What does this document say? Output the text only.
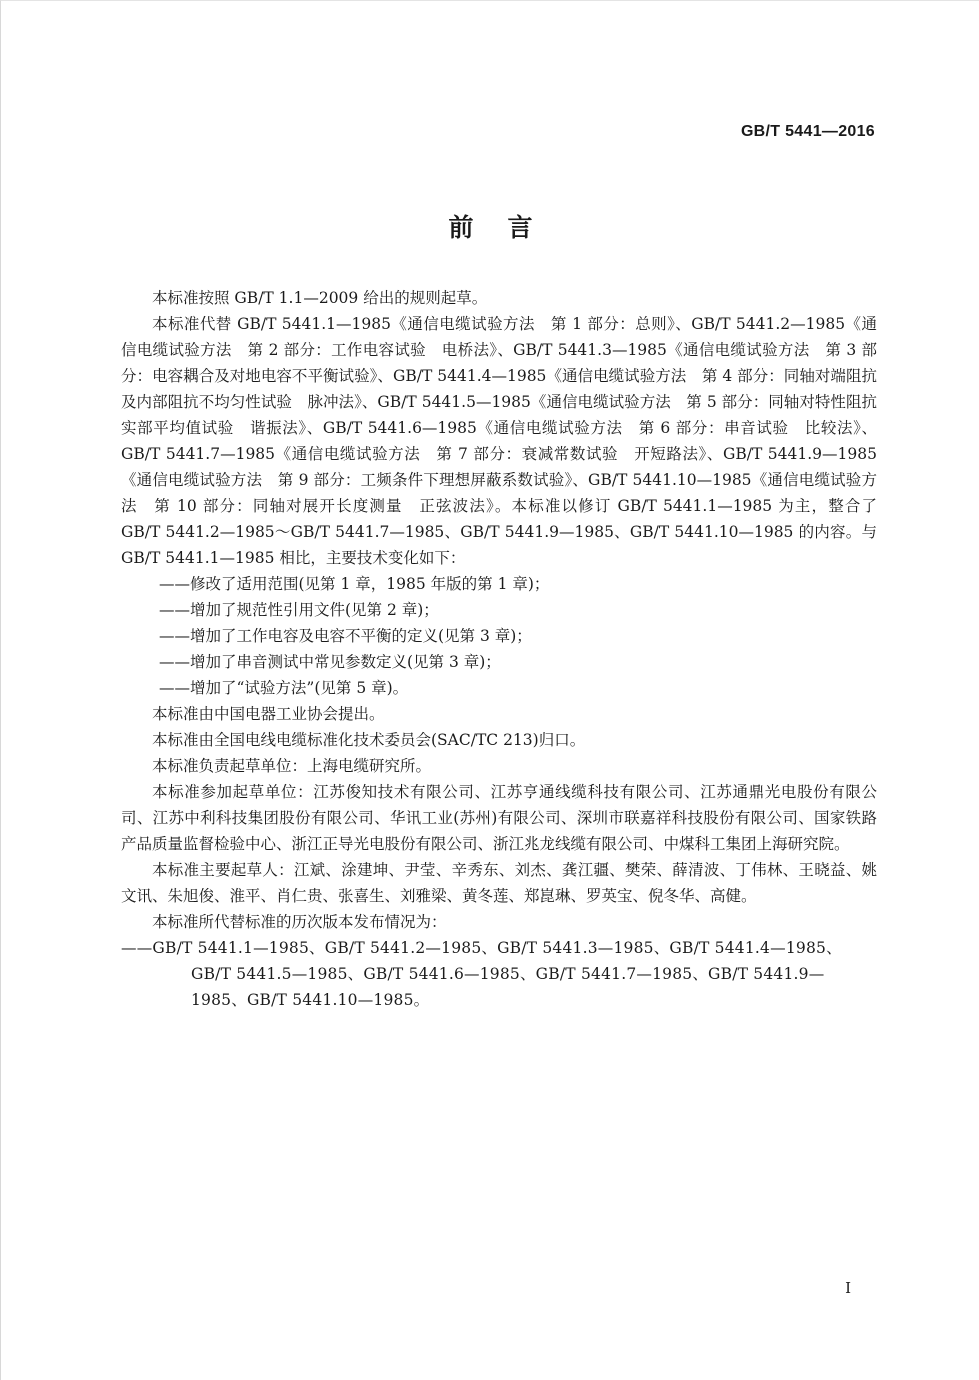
GB/T 5441—2016
前言

本标准按照 GB/T 1.1—2009 给出的规则起草。

本标准代替 GB/T 5441.1—1985《通信电缆试验方法　第 1 部分：总则》、GB/T 5441.2—1985《通信电缆试验方法　第 2 部分：工作电容试验　电桥法》、GB/T 5441.3—1985《通信电缆试验方法　第 3 部分：电容耦合及对地电容不平衡试验》、GB/T 5441.4—1985《通信电缆试验方法　第 4 部分：同轴对端阻抗及内部阻抗不均匀性试验　脉冲法》、GB/T 5441.5—1985《通信电缆试验方法　第 5 部分：同轴对特性阻抗实部平均值试验　谐振法》、GB/T 5441.6—1985《通信电缆试验方法　第 6 部分：串音试验　比较法》、GB/T 5441.7—1985《通信电缆试验方法　第 7 部分：衰减常数试验　开短路法》、GB/T 5441.9—1985《通信电缆试验方法　第 9 部分：工频条件下理想屏蔽系数试验》、GB/T 5441.10—1985《通信电缆试验方法　第 10 部分：同轴对展开长度测量　正弦波法》。本标准以修订 GB/T 5441.1—1985 为主，整合了 GB/T 5441.2—1985～GB/T 5441.7—1985、GB/T 5441.9—1985、GB/T 5441.10—1985 的内容。与 GB/T 5441.1—1985 相比，主要技术变化如下：

——修改了适用范围(见第 1 章，1985 年版的第 1 章)；

——增加了规范性引用文件(见第 2 章)；

——增加了工作电容及电容不平衡的定义(见第 3 章)；

——增加了串音测试中常见参数定义(见第 3 章)；

——增加了“试验方法”(见第 5 章)。

本标准由中国电器工业协会提出。

本标准由全国电线电缆标准化技术委员会(SAC/TC 213)归口。

本标准负责起草单位：上海电缆研究所。

本标准参加起草单位：江苏俊知技术有限公司、江苏亨通线缆科技有限公司、江苏通鼎光电股份有限公司、江苏中利科技集团股份有限公司、华讯工业(苏州)有限公司、深圳市联嘉祥科技股份有限公司、国家铁路产品质量监督检验中心、浙江正导光电股份有限公司、浙江兆龙线缆有限公司、中煤科工集团上海研究院。

本标准主要起草人：江斌、涂建坤、尹莹、辛秀东、刘杰、龚江疆、樊荣、薛清波、丁伟林、王晓益、姚文讯、朱旭俊、淮平、肖仁贵、张喜生、刘雅梁、黄冬莲、郑崑琳、罗英宝、倪冬华、高健。

本标准所代替标准的历次版本发布情况为：

——GB/T 5441.1—1985、GB/T 5441.2—1985、GB/T 5441.3—1985、GB/T 5441.4—1985、GB/T 5441.5—1985、GB/T 5441.6—1985、GB/T 5441.7—1985、GB/T 5441.9—1985、GB/T 5441.10—1985。

I
